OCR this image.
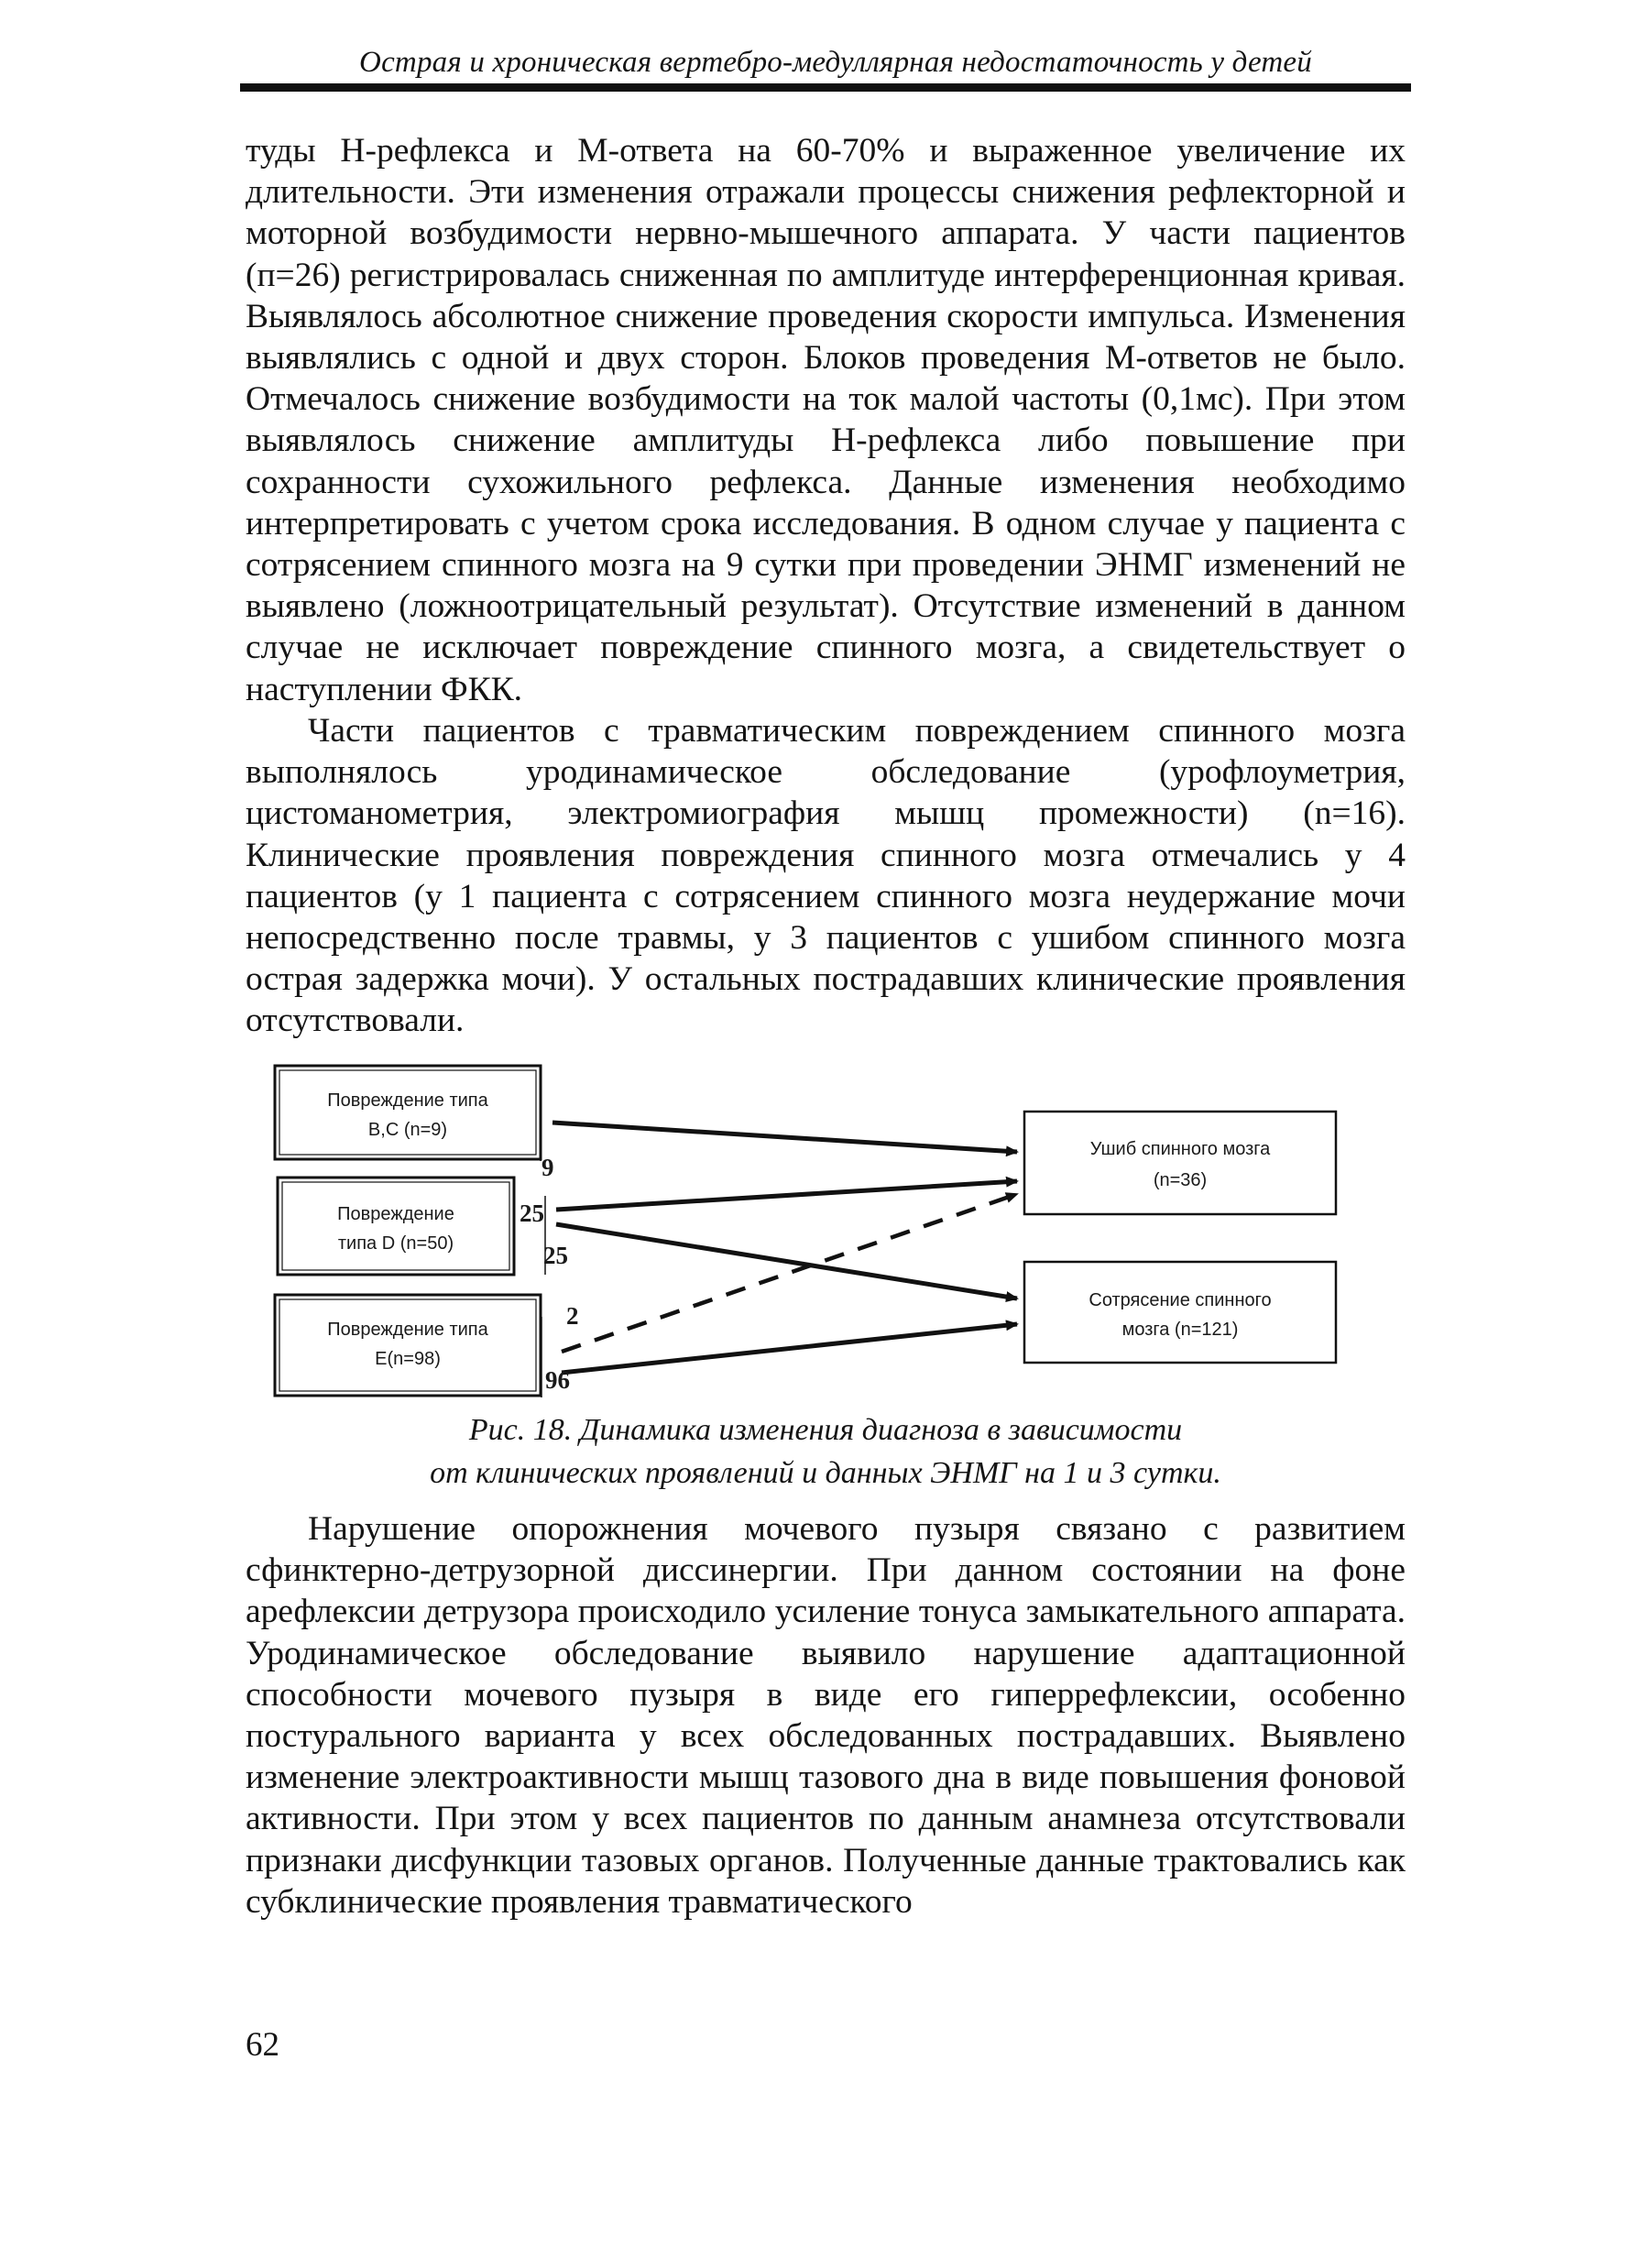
Острая и хроническая вертебро-медуллярная недостаточность у детей

туды Н-рефлекса и М-ответа на 60-70% и выраженное увеличение их длительности. Эти изменения отражали процессы снижения рефлекторной и моторной возбудимости нервно-мышечного аппарата. У части пациентов (п=26) регистрировалась сниженная по амплитуде интерференционная кривая. Выявлялось абсолютное снижение проведения скорости импульса. Изменения выявлялись с одной и двух сторон. Блоков проведения М-ответов не было. Отмечалось снижение возбудимости на ток малой частоты (0,1мс). При этом выявлялось снижение амплитуды Н-рефлекса либо повышение при сохранности сухожильного рефлекса. Данные изменения необходимо интерпретировать с учетом срока исследования. В одном случае у пациента с сотрясением спинного мозга на 9 сутки при проведении ЭНМГ изменений не выявлено (ложноотрицательный результат). Отсутствие изменений в данном случае не исключает повреждение спинного мозга, а свидетельствует о наступлении ФКК.

Части пациентов с травматическим повреждением спинного мозга выполнялось уродинамическое обследование (урофлоуметрия, цистоманометрия, электромиография мышц промежности) (n=16). Клинические проявления повреждения спинного мозга отмечались у 4 пациентов (у 1 пациента с сотрясением спинного мозга неудержание мочи непосредственно после травмы, у 3 пациентов с ушибом спинного мозга острая задержка мочи). У остальных пострадавших клинические проявления отсутствовали.

Повреждение типа
В,С (n=9)
Повреждение
типа D (n=50)
Повреждение типа
E(n=98)
Ушиб спинного мозга
(n=36)
Сотрясение спинного
мозга (n=121)
9
25
25
2
96
Рис. 18. Динамика изменения диагноза в зависимости
от клинических проявлений и данных ЭНМГ на 1 и 3 сутки.

Нарушение опорожнения мочевого пузыря связано с развитием сфинктерно-детрузорной диссинергии. При данном состоянии на фоне арефлексии детрузора происходило усиление тонуса замыкательного аппарата. Уродинамическое обследование выявило нарушение адаптационной способности мочевого пузыря в виде его гиперрефлексии, особенно постурального варианта у всех обследованных пострадавших. Выявлено изменение электроактивности мышц тазового дна в виде повышения фоновой активности. При этом у всех пациентов по данным анамнеза отсутствовали признаки дисфункции тазовых органов. Полученные данные трактовались как субклинические проявления травматического

62
